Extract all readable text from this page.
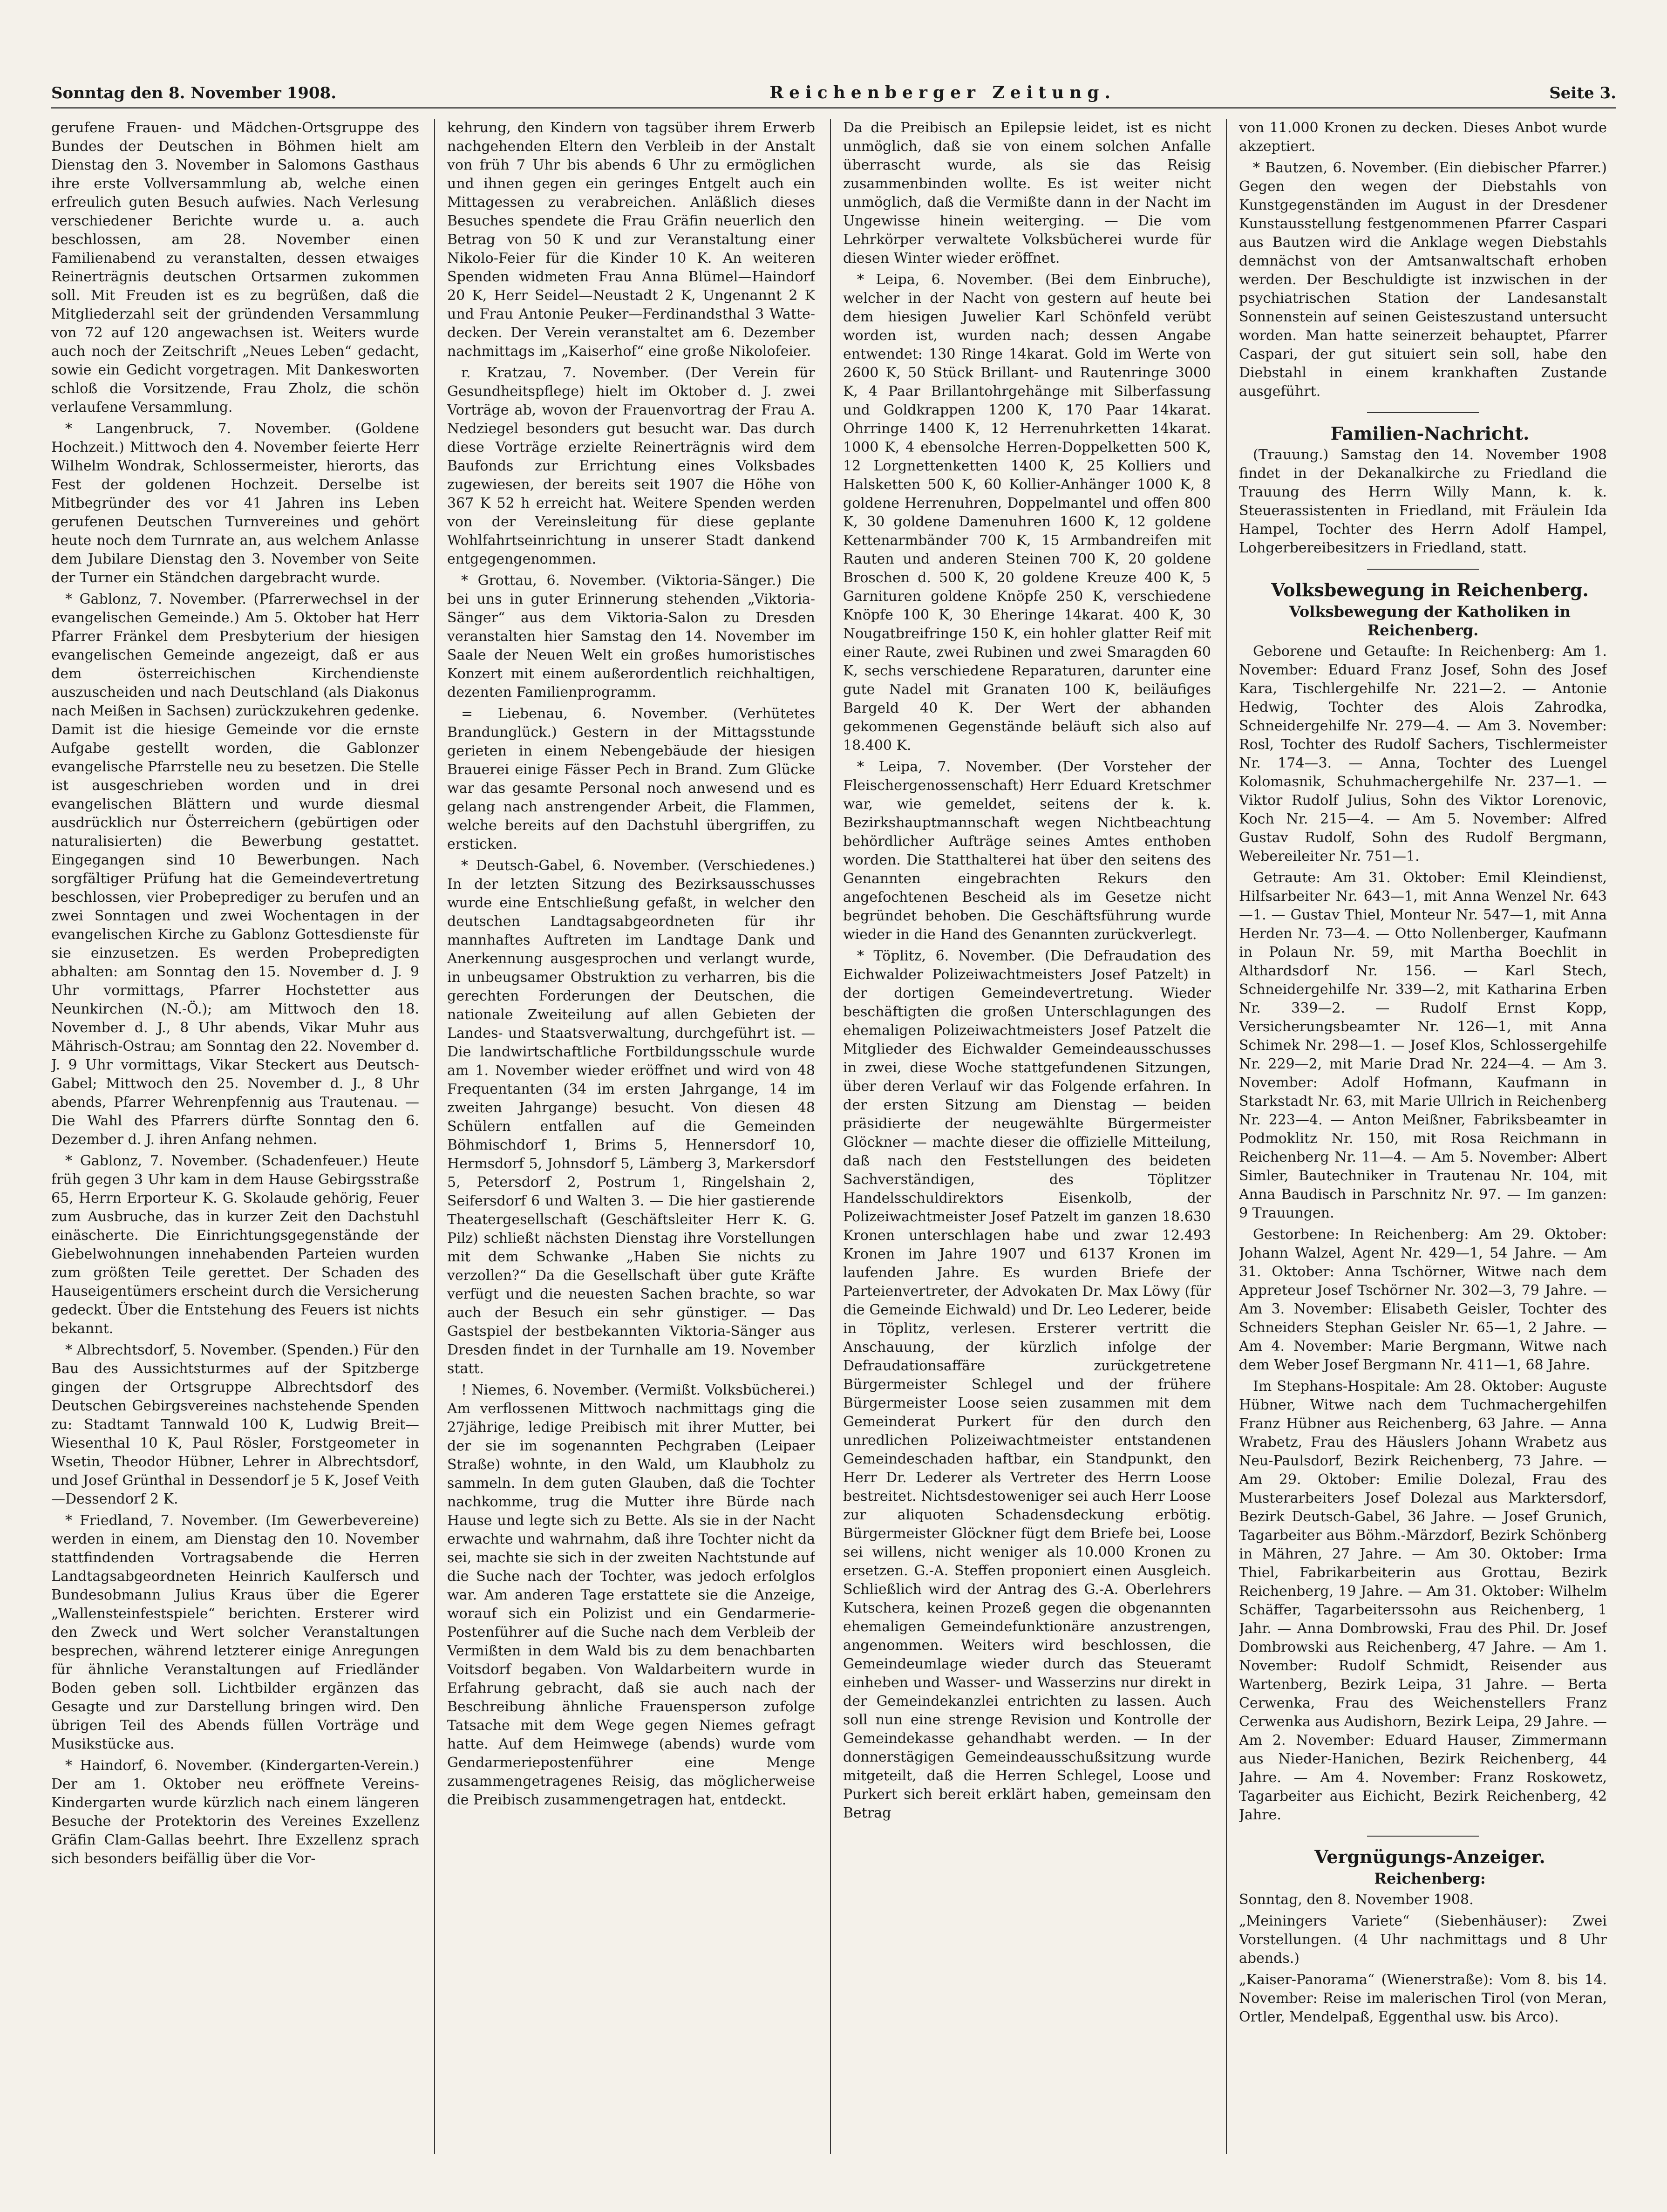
Sonntag den 8. November 1908.	Reichenberger Zeitung.	Seite 3.

gerufene Frauen- und Mädchen-Ortsgruppe des Bundes der Deutschen in Böhmen hielt am Dienstag den 3. November in Salomons Gasthaus ihre erste Vollversammlung ab, welche einen erfreulich guten Besuch aufwies. Nach Verlesung verschiedener Berichte wurde u. a. auch beschlossen, am 28. November einen Familienabend zu veranstalten, dessen etwaiges Reinerträgnis deutschen Ortsarmen zukommen soll. Mit Freuden ist es zu begrüßen, daß die Mitgliederzahl seit der gründenden Versammlung von 72 auf 120 angewachsen ist. Weiters wurde auch noch der Zeitschrift „Neues Leben“ gedacht, sowie ein Gedicht vorgetragen. Mit Dankesworten schloß die Vorsitzende, Frau Zholz, die schön verlaufene Versammlung.

* Langenbruck, 7. November. (Goldene Hochzeit.) Mittwoch den 4. November feierte Herr Wilhelm Wondrak, Schlossermeister, hierorts, das Fest der goldenen Hochzeit. Derselbe ist Mitbegründer des vor 41 Jahren ins Leben gerufenen Deutschen Turnvereines und gehört heute noch dem Turnrate an, aus welchem Anlasse dem Jubilare Dienstag den 3. November von Seite der Turner ein Ständchen dargebracht wurde.

* Gablonz, 7. November. (Pfarrerwechsel in der evangelischen Gemeinde.) Am 5. Oktober hat Herr Pfarrer Fränkel dem Presbyterium der hiesigen evangelischen Gemeinde angezeigt, daß er aus dem österreichischen Kirchendienste auszuscheiden und nach Deutschland (als Diakonus nach Meißen in Sachsen) zurückzukehren gedenke. Damit ist die hiesige Gemeinde vor die ernste Aufgabe gestellt worden, die Gablonzer evangelische Pfarrstelle neu zu besetzen. Die Stelle ist ausgeschrieben worden und in drei evangelischen Blättern und wurde diesmal ausdrücklich nur Österreichern (gebürtigen oder naturalisierten) die Bewerbung gestattet. Eingegangen sind 10 Bewerbungen. Nach sorgfältiger Prüfung hat die Gemeindevertretung beschlossen, vier Probeprediger zu berufen und an zwei Sonntagen und zwei Wochentagen in der evangelischen Kirche zu Gablonz Gottesdienste für sie einzusetzen. Es werden Probepredigten abhalten: am Sonntag den 15. November d. J. 9 Uhr vormittags, Pfarrer Hochstetter aus Neunkirchen (N.-Ö.); am Mittwoch den 18. November d. J., 8 Uhr abends, Vikar Muhr aus Mährisch-Ostrau; am Sonntag den 22. November d. J. 9 Uhr vormittags, Vikar Steckert aus Deutsch-Gabel; Mittwoch den 25. November d. J., 8 Uhr abends, Pfarrer Wehrenpfennig aus Trautenau. — Die Wahl des Pfarrers dürfte Sonntag den 6. Dezember d. J. ihren Anfang nehmen.

* Gablonz, 7. November. (Schadenfeuer.) Heute früh gegen 3 Uhr kam in dem Hause Gebirgsstraße 65, Herrn Erporteur K. G. Skolaude gehörig, Feuer zum Ausbruche, das in kurzer Zeit den Dachstuhl einäscherte. Die Einrichtungsgegenstände der Giebelwohnungen innehabenden Parteien wurden zum größten Teile gerettet. Der Schaden des Hauseigentümers erscheint durch die Versicherung gedeckt. Über die Entstehung des Feuers ist nichts bekannt.

* Albrechtsdorf, 5. November. (Spenden.) Für den Bau des Aussichtsturmes auf der Spitzberge gingen der Ortsgruppe Albrechtsdorf des Deutschen Gebirgsvereines nachstehende Spenden zu: Stadtamt Tannwald 100 K, Ludwig Breit—Wiesenthal 10 K, Paul Rösler, Forstgeometer in Wsetin, Theodor Hübner, Lehrer in Albrechtsdorf, und Josef Grünthal in Dessendorf je 5 K, Josef Veith—Dessendorf 2 K.

* Friedland, 7. November. (Im Gewerbevereine) werden in einem, am Dienstag den 10. November stattfindenden Vortragsabende die Herren Landtagsabgeordneten Heinrich Kaulfersch und Bundesobmann Julius Kraus über die Egerer „Wallensteinfestspiele“ berichten. Ersterer wird den Zweck und Wert solcher Veranstaltungen besprechen, während letzterer einige Anregungen für ähnliche Veranstaltungen auf Friedländer Boden geben soll. Lichtbilder ergänzen das Gesagte und zur Darstellung bringen wird. Den übrigen Teil des Abends füllen Vorträge und Musikstücke aus.

* Haindorf, 6. November. (Kindergarten-Verein.) Der am 1. Oktober neu eröffnete Vereins-Kindergarten wurde kürzlich nach einem längeren Besuche der Protektorin des Vereines Exzellenz Gräfin Clam-Gallas beehrt. Ihre Exzellenz sprach sich besonders beifällig über die Vor-

kehrung, den Kindern von tagsüber ihrem Erwerb nachgehenden Eltern den Verbleib in der Anstalt von früh 7 Uhr bis abends 6 Uhr zu ermöglichen und ihnen gegen ein geringes Entgelt auch ein Mittagessen zu verabreichen. Anläßlich dieses Besuches spendete die Frau Gräfin neuerlich den Betrag von 50 K und zur Veranstaltung einer Nikolo-Feier für die Kinder 10 K. An weiteren Spenden widmeten Frau Anna Blümel—Haindorf 20 K, Herr Seidel—Neustadt 2 K, Ungenannt 2 K und Frau Antonie Peuker—Ferdinandsthal 3 Watte-decken. Der Verein veranstaltet am 6. Dezember nachmittags im „Kaiserhof“ eine große Nikolofeier.

r. Kratzau, 7. November. (Der Verein für Gesundheitspflege) hielt im Oktober d. J. zwei Vorträge ab, wovon der Frauenvortrag der Frau A. Nedziegel besonders gut besucht war. Das durch diese Vorträge erzielte Reinerträgnis wird dem Baufonds zur Errichtung eines Volksbades zugewiesen, der bereits seit 1907 die Höhe von 367 K 52 h erreicht hat. Weitere Spenden werden von der Vereinsleitung für diese geplante Wohlfahrtseinrichtung in unserer Stadt dankend entgegengenommen.

* Grottau, 6. November. (Viktoria-Sänger.) Die bei uns in guter Erinnerung stehenden „Viktoria-Sänger“ aus dem Viktoria-Salon zu Dresden veranstalten hier Samstag den 14. November im Saale der Neuen Welt ein großes humoristisches Konzert mit einem außerordentlich reichhaltigen, dezenten Familienprogramm.

= Liebenau, 6. November. (Verhütetes Brandunglück.) Gestern in der Mittagsstunde gerieten in einem Nebengebäude der hiesigen Brauerei einige Fässer Pech in Brand. Zum Glücke war das gesamte Personal noch anwesend und es gelang nach anstrengender Arbeit, die Flammen, welche bereits auf den Dachstuhl übergriffen, zu ersticken.

* Deutsch-Gabel, 6. November. (Verschiedenes.) In der letzten Sitzung des Bezirksausschusses wurde eine Entschließung gefaßt, in welcher den deutschen Landtagsabgeordneten für ihr mannhaftes Auftreten im Landtage Dank und Anerkennung ausgesprochen und verlangt wurde, in unbeugsamer Obstruktion zu verharren, bis die gerechten Forderungen der Deutschen, die nationale Zweiteilung auf allen Gebieten der Landes- und Staatsverwaltung, durchgeführt ist. — Die landwirtschaftliche Fortbildungsschule wurde am 1. November wieder eröffnet und wird von 48 Frequentanten (34 im ersten Jahrgange, 14 im zweiten Jahrgange) besucht. Von diesen 48 Schülern entfallen auf die Gemeinden Böhmischdorf 1, Brims 5, Hennersdorf 10, Hermsdorf 5, Johnsdorf 5, Lämberg 3, Markersdorf 5, Petersdorf 2, Postrum 1, Ringelshain 2, Seifersdorf 6 und Walten 3. — Die hier gastierende Theatergesellschaft (Geschäftsleiter Herr K. G. Pilz) schließt nächsten Dienstag ihre Vorstellungen mit dem Schwanke „Haben Sie nichts zu verzollen?“ Da die Gesellschaft über gute Kräfte verfügt und die neuesten Sachen brachte, so war auch der Besuch ein sehr günstiger. — Das Gastspiel der bestbekannten Viktoria-Sänger aus Dresden findet in der Turnhalle am 19. November statt.

! Niemes, 6. November. (Vermißt. Volksbücherei.) Am verflossenen Mittwoch nachmittags ging die 27jährige, ledige Preibisch mit ihrer Mutter, bei der sie im sogenannten Pechgraben (Leipaer Straße) wohnte, in den Wald, um Klaubholz zu sammeln. In dem guten Glauben, daß die Tochter nachkomme, trug die Mutter ihre Bürde nach Hause und legte sich zu Bette. Als sie in der Nacht erwachte und wahrnahm, daß ihre Tochter nicht da sei, machte sie sich in der zweiten Nachtstunde auf die Suche nach der Tochter, was jedoch erfolglos war. Am anderen Tage erstattete sie die Anzeige, worauf sich ein Polizist und ein Gendarmerie-Postenführer auf die Suche nach dem Verbleib der Vermißten in dem Wald bis zu dem benachbarten Voitsdorf begaben. Von Waldarbeitern wurde in Erfahrung gebracht, daß sie auch nach der Beschreibung ähnliche Frauensperson zufolge Tatsache mit dem Wege gegen Niemes gefragt hatte. Auf dem Heimwege (abends) wurde vom Gendarmeriepostenführer eine Menge zusammengetragenes Reisig, das möglicherweise die Preibisch zusammengetragen hat, entdeckt.

Da die Preibisch an Epilepsie leidet, ist es nicht unmöglich, daß sie von einem solchen Anfalle überrascht wurde, als sie das Reisig zusammenbinden wollte. Es ist weiter nicht unmöglich, daß die Vermißte dann in der Nacht im Ungewisse hinein weiterging. — Die vom Lehrkörper verwaltete Volksbücherei wurde für diesen Winter wieder eröffnet.

* Leipa, 6. November. (Bei dem Einbruche), welcher in der Nacht von gestern auf heute bei dem hiesigen Juwelier Karl Schönfeld verübt worden ist, wurden nach; dessen Angabe entwendet: 130 Ringe 14karat. Gold im Werte von 2600 K, 50 Stück Brillant- und Rautenringe 3000 K, 4 Paar Brillantohrgehänge mit Silberfassung und Goldkrappen 1200 K, 170 Paar 14karat. Ohrringe 1400 K, 12 Herrenuhrketten 14karat. 1000 K, 4 ebensolche Herren-Doppelketten 500 K, 12 Lorgnettenketten 1400 K, 25 Kolliers und Halsketten 500 K, 60 Kollier-Anhänger 1000 K, 8 goldene Herrenuhren, Doppelmantel und offen 800 K, 30 goldene Damenuhren 1600 K, 12 goldene Kettenarmbänder 700 K, 15 Armbandreifen mit Rauten und anderen Steinen 700 K, 20 goldene Broschen d. 500 K, 20 goldene Kreuze 400 K, 5 Garnituren goldene Knöpfe 250 K, verschiedene Knöpfe 100 K, 30 Eheringe 14karat. 400 K, 30 Nougatbreifringe 150 K, ein hohler glatter Reif mit einer Raute, zwei Rubinen und zwei Smaragden 60 K, sechs verschiedene Reparaturen, darunter eine gute Nadel mit Granaten 100 K, beiläufiges Bargeld 40 K. Der Wert der abhanden gekommenen Gegenstände beläuft sich also auf 18.400 K.

* Leipa, 7. November. (Der Vorsteher der Fleischergenossenschaft) Herr Eduard Kretschmer war, wie gemeldet, seitens der k. k. Bezirkshauptmannschaft wegen Nichtbeachtung behördlicher Aufträge seines Amtes enthoben worden. Die Statthalterei hat über den seitens des Genannten eingebrachten Rekurs den angefochtenen Bescheid als im Gesetze nicht begründet behoben. Die Geschäftsführung wurde wieder in die Hand des Genannten zurückverlegt.

* Töplitz, 6. November. (Die Defraudation des Eichwalder Polizeiwachtmeisters Josef Patzelt) in der dortigen Gemeindevertretung. Wieder beschäftigten die großen Unterschlagungen des ehemaligen Polizeiwachtmeisters Josef Patzelt die Mitglieder des Eichwalder Gemeindeausschusses in zwei, diese Woche stattgefundenen Sitzungen, über deren Verlauf wir das Folgende erfahren. In der ersten Sitzung am Dienstag — beiden präsidierte der neugewählte Bürgermeister Glöckner — machte dieser die offizielle Mitteilung, daß nach den Feststellungen des beideten Sachverständigen, des Töplitzer Handelsschuldirektors Eisenkolb, der Polizeiwachtmeister Josef Patzelt im ganzen 18.630 Kronen unterschlagen habe und zwar 12.493 Kronen im Jahre 1907 und 6137 Kronen im laufenden Jahre. Es wurden Briefe der Parteienvertreter, der Advokaten Dr. Max Löwy (für die Gemeinde Eichwald) und Dr. Leo Lederer, beide in Töplitz, verlesen. Ersterer vertritt die Anschauung, der kürzlich infolge der Defraudationsaffäre zurückgetretene Bürgermeister Schlegel und der frühere Bürgermeister Loose seien zusammen mit dem Gemeinderat Purkert für den durch den unredlichen Polizeiwachtmeister entstandenen Gemeindeschaden haftbar, ein Standpunkt, den Herr Dr. Lederer als Vertreter des Herrn Loose bestreitet. Nichtsdestoweniger sei auch Herr Loose zur aliquoten Schadensdeckung erbötig. Bürgermeister Glöckner fügt dem Briefe bei, Loose sei willens, nicht weniger als 10.000 Kronen zu ersetzen. G.-A. Steffen proponiert einen Ausgleich. Schließlich wird der Antrag des G.-A. Oberlehrers Kutschera, keinen Prozeß gegen die obgenannten ehemaligen Gemeindefunktionäre anzustrengen, angenommen. Weiters wird beschlossen, die Gemeindeumlage wieder durch das Steueramt einheben und Wasser- und Wasserzins nur direkt in der Gemeindekanzlei entrichten zu lassen. Auch soll nun eine strenge Revision und Kontrolle der Gemeindekasse gehandhabt werden. — In der donnerstägigen Gemeindeausschußsitzung wurde mitgeteilt, daß die Herren Schlegel, Loose und Purkert sich bereit erklärt haben, gemeinsam den Betrag

von 11.000 Kronen zu decken. Dieses Anbot wurde akzeptiert.

* Bautzen, 6. November. (Ein diebischer Pfarrer.) Gegen den wegen der Diebstahls von Kunstgegenständen im August in der Dresdener Kunstausstellung festgenommenen Pfarrer Caspari aus Bautzen wird die Anklage wegen Diebstahls demnächst von der Amtsanwaltschaft erhoben werden. Der Beschuldigte ist inzwischen in der psychiatrischen Station der Landesanstalt Sonnenstein auf seinen Geisteszustand untersucht worden. Man hatte seinerzeit behauptet, Pfarrer Caspari, der gut situiert sein soll, habe den Diebstahl in einem krankhaften Zustande ausgeführt.

Familien-Nachricht.

(Trauung.) Samstag den 14. November 1908 findet in der Dekanalkirche zu Friedland die Trauung des Herrn Willy Mann, k. k. Steuerassistenten in Friedland, mit Fräulein Ida Hampel, Tochter des Herrn Adolf Hampel, Lohgerbereibesitzers in Friedland, statt.

Volksbewegung in Reichenberg.

Volksbewegung der Katholiken in Reichenberg.

Geborene und Getaufte: In Reichenberg: Am 1. November: Eduard Franz Josef, Sohn des Josef Kara, Tischlergehilfe Nr. 221—2. — Antonie Hedwig, Tochter des Alois Zahrodka, Schneidergehilfe Nr. 279—4. — Am 3. November: Rosl, Tochter des Rudolf Sachers, Tischlermeister Nr. 174—3. — Anna, Tochter des Luengel Kolomasnik, Schuhmachergehilfe Nr. 237—1. — Viktor Rudolf Julius, Sohn des Viktor Lorenovic, Koch Nr. 215—4. — Am 5. November: Alfred Gustav Rudolf, Sohn des Rudolf Bergmann, Webereileiter Nr. 751—1.

Getraute: Am 31. Oktober: Emil Kleindienst, Hilfsarbeiter Nr. 643—1, mit Anna Wenzel Nr. 643—1. — Gustav Thiel, Monteur Nr. 547—1, mit Anna Herden Nr. 73—4. — Otto Nollenberger, Kaufmann in Polaun Nr. 59, mit Martha Boechlit in Althardsdorf Nr. 156. — Karl Stech, Schneidergehilfe Nr. 339—2, mit Katharina Erben Nr. 339—2. — Rudolf Ernst Kopp, Versicherungsbeamter Nr. 126—1, mit Anna Schimek Nr. 298—1. — Josef Klos, Schlossergehilfe Nr. 229—2, mit Marie Drad Nr. 224—4. — Am 3. November: Adolf Hofmann, Kaufmann in Starkstadt Nr. 63, mit Marie Ullrich in Reichenberg Nr. 223—4. — Anton Meißner, Fabriksbeamter in Podmoklitz Nr. 150, mit Rosa Reichmann in Reichenberg Nr. 11—4. — Am 5. November: Albert Simler, Bautechniker in Trautenau Nr. 104, mit Anna Baudisch in Parschnitz Nr. 97. — Im ganzen: 9 Trauungen.

Gestorbene: In Reichenberg: Am 29. Oktober: Johann Walzel, Agent Nr. 429—1, 54 Jahre. — Am 31. Oktober: Anna Tschörner, Witwe nach dem Appreteur Josef Tschörner Nr. 302—3, 79 Jahre. — Am 3. November: Elisabeth Geisler, Tochter des Schneiders Stephan Geisler Nr. 65—1, 2 Jahre. — Am 4. November: Marie Bergmann, Witwe nach dem Weber Josef Bergmann Nr. 411—1, 68 Jahre.

Im Stephans-Hospitale: Am 28. Oktober: Auguste Hübner, Witwe nach dem Tuchmachergehilfen Franz Hübner aus Reichenberg, 63 Jahre. — Anna Wrabetz, Frau des Häuslers Johann Wrabetz aus Neu-Paulsdorf, Bezirk Reichenberg, 73 Jahre. — Am 29. Oktober: Emilie Dolezal, Frau des Musterarbeiters Josef Dolezal aus Marktersdorf, Bezirk Deutsch-Gabel, 36 Jahre. — Josef Grunich, Tagarbeiter aus Böhm.-Märzdorf, Bezirk Schönberg in Mähren, 27 Jahre. — Am 30. Oktober: Irma Thiel, Fabrikarbeiterin aus Grottau, Bezirk Reichenberg, 19 Jahre. — Am 31. Oktober: Wilhelm Schäffer, Tagarbeiterssohn aus Reichenberg, 1 Jahr. — Anna Dombrowski, Frau des Phil. Dr. Josef Dombrowski aus Reichenberg, 47 Jahre. — Am 1. November: Rudolf Schmidt, Reisender aus Wartenberg, Bezirk Leipa, 31 Jahre. — Berta Cerwenka, Frau des Weichenstellers Franz Cerwenka aus Audishorn, Bezirk Leipa, 29 Jahre. — Am 2. November: Eduard Hauser, Zimmermann aus Nieder-Hanichen, Bezirk Reichenberg, 44 Jahre. — Am 4. November: Franz Roskowetz, Tagarbeiter aus Eichicht, Bezirk Reichenberg, 42 Jahre.

Vergnügungs-Anzeiger.

Reichenberg:

Sonntag, den 8. November 1908.

„Meiningers Variete“ (Siebenhäuser): Zwei Vorstellungen. (4 Uhr nachmittags und 8 Uhr abends.)

„Kaiser-Panorama“ (Wienerstraße): Vom 8. bis 14. November: Reise im malerischen Tirol (von Meran, Ortler, Mendelpaß, Eggenthal usw. bis Arco).
